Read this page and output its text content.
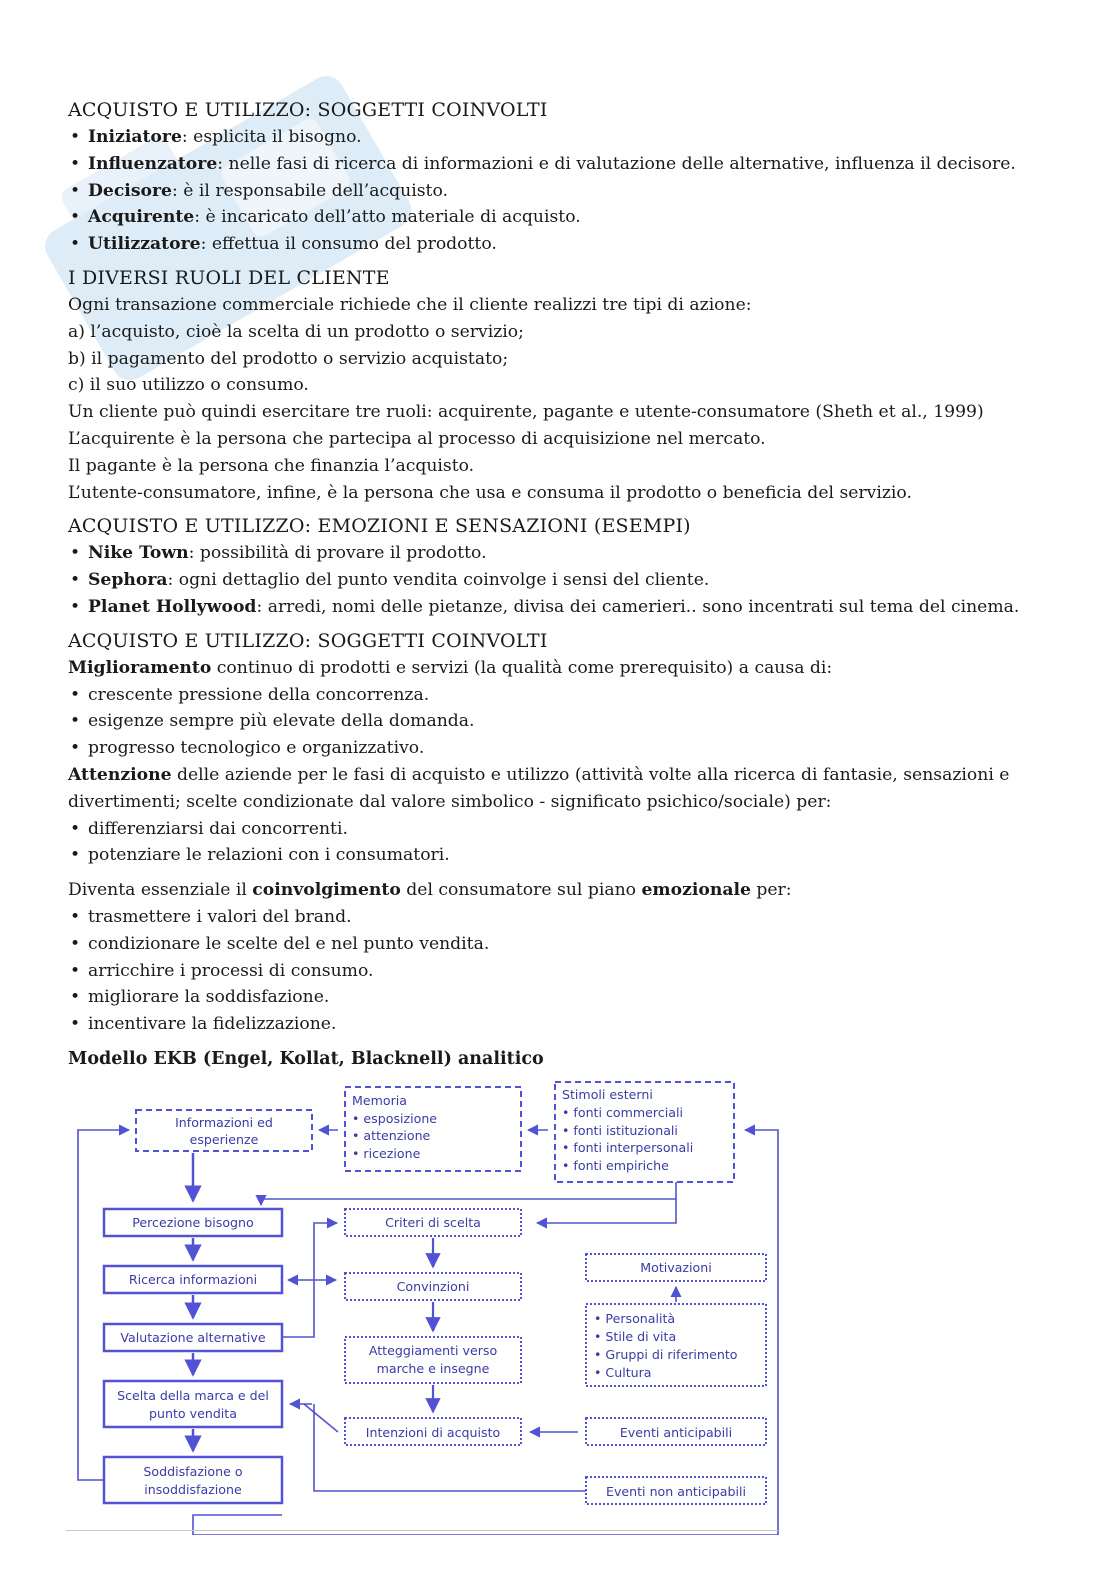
ACQUISTO E UTILIZZO: SOGGETTI COINVOLTI
• Iniziatore: esplicita il bisogno.
• Influenzatore: nelle fasi di ricerca di informazioni e di valutazione delle alternative, influenza il decisore.
• Decisore: è il responsabile dell’acquisto.
• Acquirente: è incaricato dell’atto materiale di acquisto.
• Utilizzatore: effettua il consumo del prodotto.
I DIVERSI RUOLI DEL CLIENTE

Ogni transazione commerciale richiede che il cliente realizzi tre tipi di azione:

a) l’acquisto, cioè la scelta di un prodotto o servizio;

b) il pagamento del prodotto o servizio acquistato;

c) il suo utilizzo o consumo.

Un cliente può quindi esercitare tre ruoli: acquirente, pagante e utente-consumatore (Sheth et al., 1999)

L’acquirente è la persona che partecipa al processo di acquisizione nel mercato.

Il pagante è la persona che finanzia l’acquisto.

L’utente-consumatore, infine, è la persona che usa e consuma il prodotto o beneficia del servizio.

ACQUISTO E UTILIZZO: EMOZIONI E SENSAZIONI (ESEMPI)
• Nike Town: possibilità di provare il prodotto.
• Sephora: ogni dettaglio del punto vendita coinvolge i sensi del cliente.
• Planet Hollywood: arredi, nomi delle pietanze, divisa dei camerieri.. sono incentrati sul tema del cinema.
ACQUISTO E UTILIZZO: SOGGETTI COINVOLTI

Miglioramento continuo di prodotti e servizi (la qualità come prerequisito) a causa di:

• crescente pressione della concorrenza.
• esigenze sempre più elevate della domanda.
• progresso tecnologico e organizzativo.

Attenzione delle aziende per le fasi di acquisto e utilizzo (attività volte alla ricerca di fantasie, sensazioni e divertimenti; scelte condizionate dal valore simbolico - significato psichico/sociale) per:

• differenziarsi dai concorrenti.
• potenziare le relazioni con i consumatori.

Diventa essenziale il coinvolgimento del consumatore sul piano emozionale per:

• trasmettere i valori del brand.
• condizionare le scelte del e nel punto vendita.
• arricchire i processi di consumo.
• migliorare la soddisfazione.
• incentivare la fidelizzazione.
Modello EKB (Engel, Kollat, Blacknell) analitico
Informazioni ed
esperienze
Percezione bisogno
Ricerca informazioni
Valutazione alternative
Scelta della marca e del
punto vendita
Soddisfazione o
insoddisfazione
Criteri di scelta
Convinzioni
Atteggiamenti verso
marche e insegne
Intenzioni di acquisto
Motivazioni
Eventi anticipabili
Eventi non anticipabili
Memoria
• esposizione
• attenzione
• ricezione
Stimoli esterni
• fonti commerciali
• fonti istituzionali
• fonti interpersonali
• fonti empiriche
• Personalità
• Stile di vita
• Gruppi di riferimento
• Cultura
